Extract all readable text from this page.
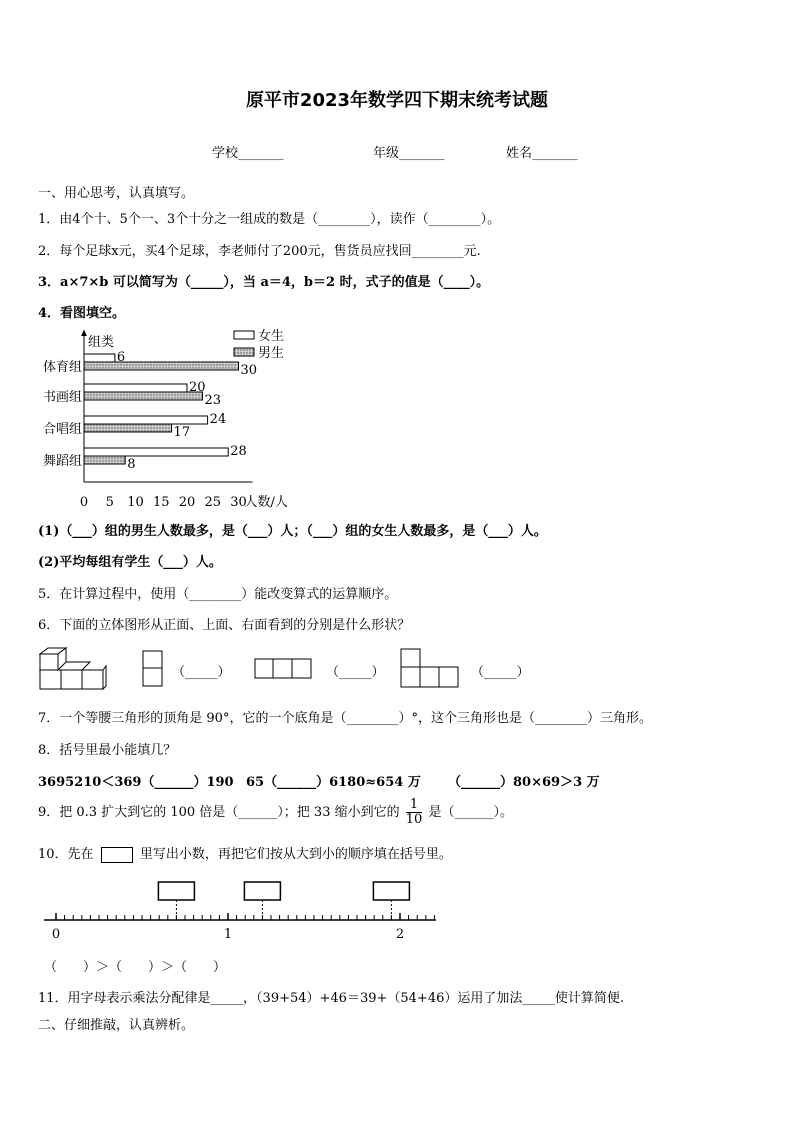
原平市2023年数学四下期末统考试题
学校_______	年级_______	姓名_______
一、用心思考，认真填写。
1．由4个十、5个一、3个十分之一组成的数是（________），读作（________）。
2．每个足球x元，买4个足球，李老师付了200元，售货员应找回________元.
3．a×7×b 可以简写为（_____），当 a＝4，b＝2 时，式子的值是（____）。
4．看图填空。
组类
0 5 10 15 20 25 30
人数/人
体育组
6
30
书画组
20
23
合唱组
24
17
舞蹈组
28
8
女生
男生
(1)（___）组的男生人数最多，是（___）人；（___）组的女生人数最多，是（___）人。
(2)平均每组有学生（___）人。
5．在计算过程中，使用（________）能改变算式的运算顺序。
6．下面的立体图形从正面、上面、右面看到的分别是什么形状？
（_____）	（_____）	（_____）
7．一个等腰三角形的顶角是 90°，它的一个底角是（________）°，这个三角形也是（________）三角形。
8．括号里最小能填几？
3695210＜369（______）190 65（______）6180≈654 万 （______）80×69＞3 万
9．把 0.3 扩大到它的 100 倍是（______）；把 33 缩小到它的 $\frac{1}{10}$ 是（______）。
10．先在	里写出小数，再把它们按从大到小的顺序填在括号里。
0	1	2
（　　）＞（　　）＞（　　）
11．用字母表示乘法分配律是_____，（39+54）+46＝39+（54+46）运用了加法_____使计算简便.
二、仔细推敲，认真辨析。
